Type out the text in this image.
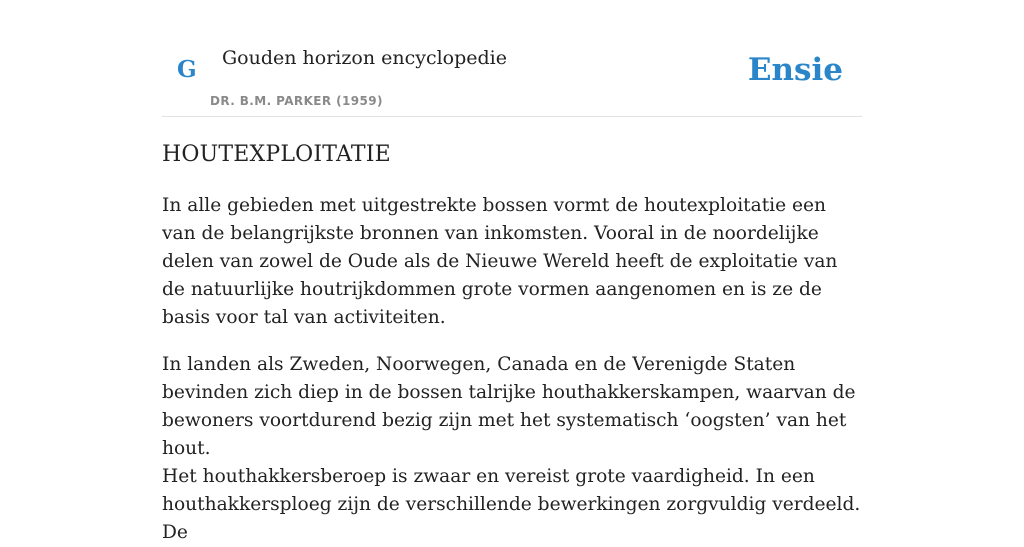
G Gouden horizon encyclopedie
DR. B.M. PARKER (1959)
Ensie
HOUTEXPLOITATIE

In alle gebieden met uitgestrekte bossen vormt de houtexploitatie een van de belangrijkste bronnen van inkomsten. Vooral in de noordelijke delen van zowel de Oude als de Nieuwe Wereld heeft de exploitatie van de natuurlijke houtrijkdommen grote vormen aangenomen en is ze de basis voor tal van activiteiten.

In landen als Zweden, Noorwegen, Canada en de Verenigde Staten bevinden zich diep in de bossen talrijke houthakkerskampen, waarvan de bewoners voortdurend bezig zijn met het systematisch ‘oogsten’ van het hout.

Het houthakkersberoep is zwaar en vereist grote vaardigheid. In een houthakkersploeg zijn de verschillende bewerkingen zorgvuldig verdeeld. De
